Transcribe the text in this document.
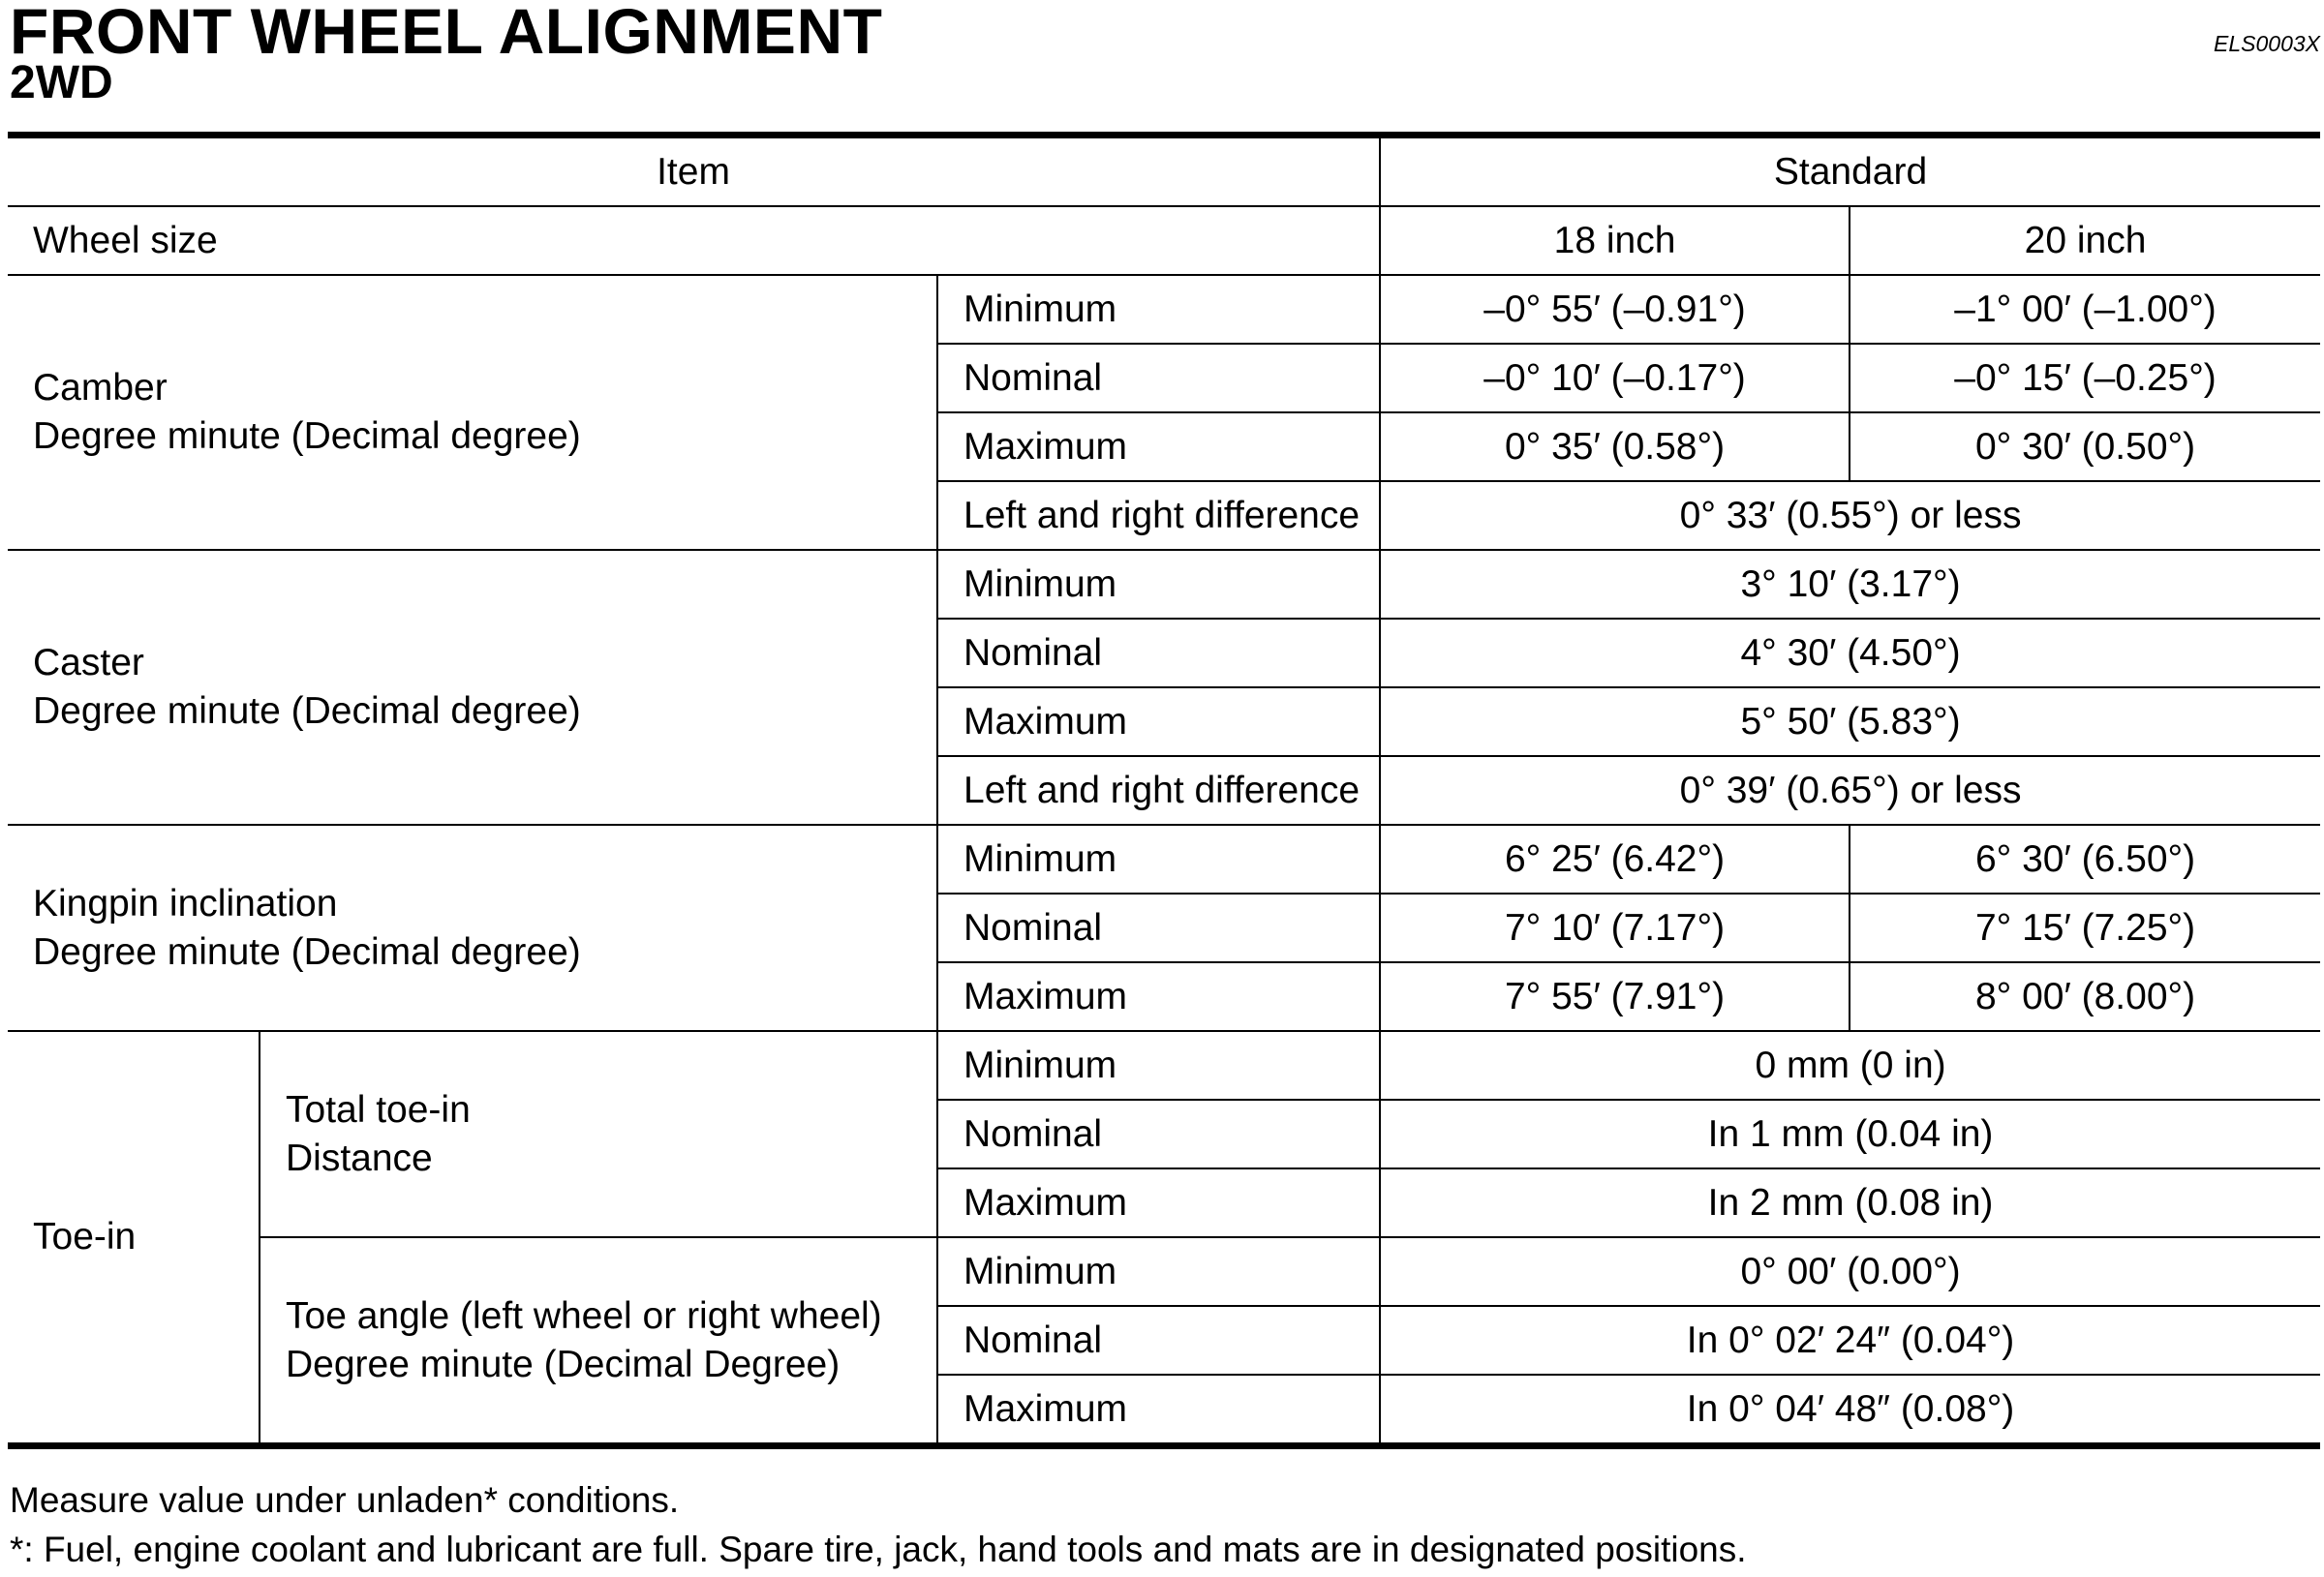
FRONT WHEEL ALIGNMENT
2WD
ELS0003X
Item			Standard	
Wheel size			18 inch	20 inch

Camber
Degree minute (Decimal degree)		Minimum	–0° 55′ (–0.91°)	–1° 00′ (–1.00°)
		Nominal	–0° 10′ (–0.17°)	–0° 15′ (–0.25°)
		Maximum	0° 35′ (0.58°)	0° 30′ (0.50°)
		Left and right difference	0° 33′ (0.55°) or less	

Caster
Degree minute (Decimal degree)		Minimum	3° 10′ (3.17°)	
		Nominal	4° 30′ (4.50°)	
		Maximum	5° 50′ (5.83°)	
		Left and right difference	0° 39′ (0.65°) or less	

Kingpin inclination
Degree minute (Decimal degree)		Minimum	6° 25′ (6.42°)	6° 30′ (6.50°)
		Nominal	7° 10′ (7.17°)	7° 15′ (7.25°)
		Maximum	7° 55′ (7.91°)	8° 00′ (8.00°)
Toe-in	Total toe-in
Distance	Minimum	0 mm (0 in)	
		Nominal	In 1 mm (0.04 in)	
		Maximum	In 2 mm (0.08 in)	

	Toe angle (left wheel or right wheel)
Degree minute (Decimal Degree)	Minimum	0° 00′ (0.00°)	
		Nominal	In 0° 02′ 24″ (0.04°)	
		Maximum	In 0° 04′ 48″ (0.08°)	
Measure value under unladen* conditions.
*: Fuel, engine coolant and lubricant are full. Spare tire, jack, hand tools and mats are in designated positions.
